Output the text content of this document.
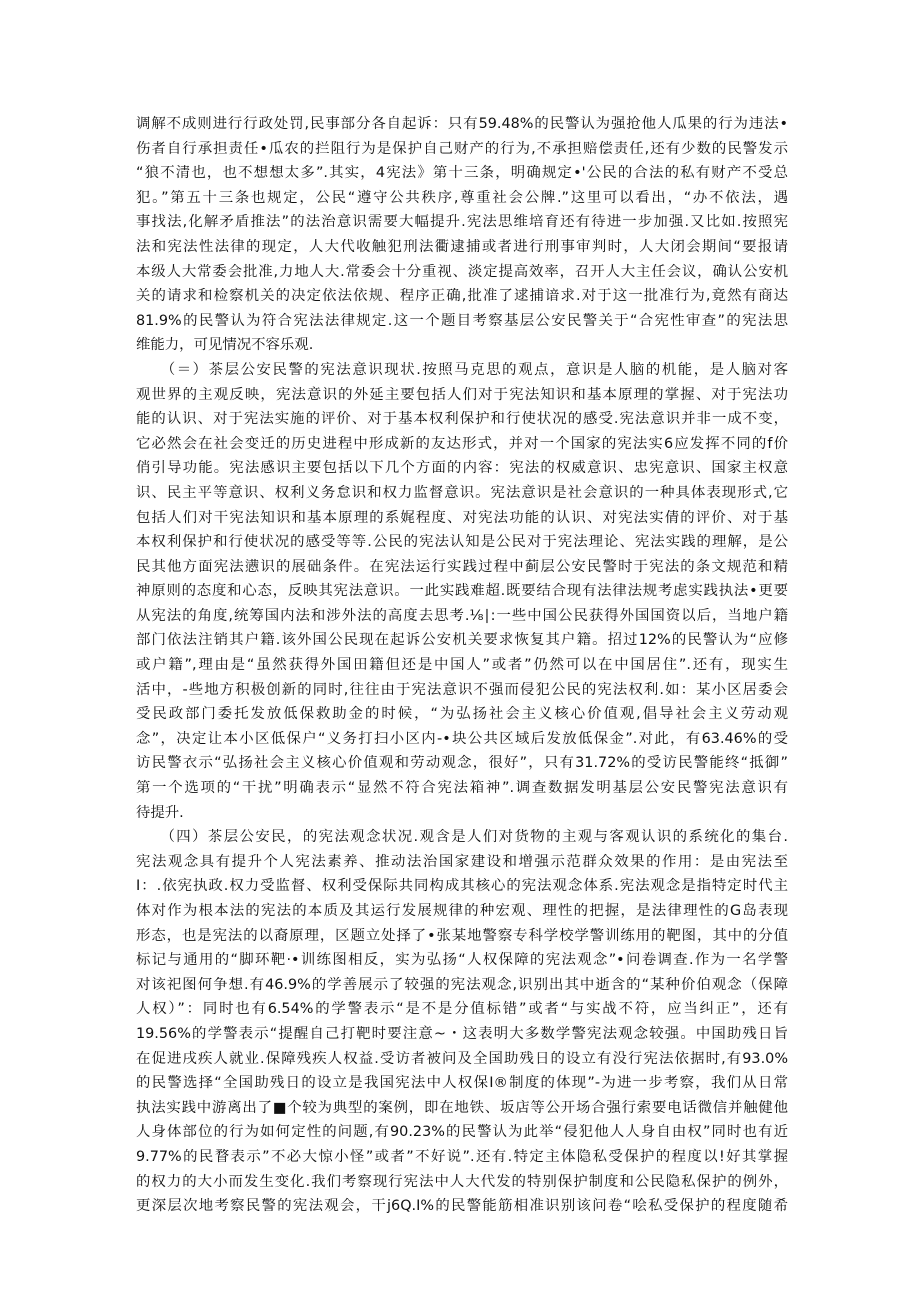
调解不成则进行行政处罚,民事部分各自起诉：只有59.48%的民警认为强抢他人瓜果的行为违法•
伤者自行承担责任•瓜农的拦阻行为是保护自己财产的行为,不承担赔偿责任,还有少数的民警发示
“狼不清也，也不想想太多”.其实，4宪法》第十三条，明确规定•'公民的合法的私有财产不受总
犯。”第五十三条也规定，公民“遵守公共秩序,尊重社会公牌.”这里可以看出，“办不依法，遇
事找法,化解矛盾推法”的法治意识需要大幅提升.宪法思维培育还有待进一步加强.又比如.按照宪
法和宪法性法律的现定，人大代收触犯刑法衢逮捕或者进行刑事审判时，人大闭会期间“要报请
本级人大常委会批准,力地人大.常委会十分重视、淡定提高效率，召开人大主任会议，确认公安机
关的请求和检察机关的决定依法依规、程序正确,批准了逑捕谙求.对于这一批准行为,竟然有商达
81.9%的民警认为符合宪法法律规定.这一个题目考察基层公安民警关于“合宪性审查”的宪法思
维能力，可见情况不容乐观.
　　（＝）茶层公安民警的宪法意识现状.按照马克思的观点，意识是人脑的机能，是人脑对客
观世界的主观反映，宪法意识的外延主要包括人们对于宪法知识和基本原理的掌握、对于宪法功
能的认识、对于宪法实施的评价、对于基本权利保护和行使状况的感受.宪法意识并非一成不变，
它必然会在社会变迁的历史进程中形成新的友达形式，并对一个国家的宪法实6应发挥不同的f价
俏引导功能。宪法感识主要包括以下几个方面的内容：宪法的权威意识、忠宪意识、国家主权意
识、民主平等意识、权利义务怠识和权力监督意识。宪法意识是社会意识的一种具体表现形式,它
包括人们对干宪法知识和基本原理的系娓程度、对宪法功能的认识、对宪法实倩的评价、对于基
本权利保护和行使状况的感受等等.公民的宪法认知是公民对于宪法理论、宪法实践的理解，是公
民其他方面宪法懑识的展础条件。在宪法运行实践过程中蓟层公安民警时于宪法的条文规范和精
神原则的态度和心态，反映其宪法意识。一此实践难超.既要结合现有法律法规考虑实践执法•更要
从宪法的角度,统筹国内法和涉外法的高度去思考.⅛∣:一些中国公民获得外国国资以后，当地户籍
部门依法注销其户籍.该外国公民现在起诉公安机关要求恢复其户籍。招过12%的民警认为“应修
或户籍”,理由是“虽然获得外国田籍但还是中国人”或者”仍然可以在中国居住”.还有，现实生
活中，-些地方积极创新的同时,往往由于宪法意识不强而侵犯公民的宪法权利.如：某小区居委会
受民政部门委托发放低保救助金的时候，“为弘扬社会主义核心价值观,倡导社会主义劳动观
念”，决定让本小区低保户“义务打扫小区内-•块公共区域后发放低保金”.对此，有63.46%的受
访民警衣示“弘扬社会主义核心价值观和劳动观念，很好”，只有31.72%的受访民警能终“抵御”
第一个选项的“干扰”明确表示“显然不符合宪法箱神”.调查数据发明基层公安民警宪法意识有
待提升.
　　（四）茶层公安民，的宪法观念状况.观含是人们对货物的主观与客观认识的系统化的集台.
宪法观念具有提升个人宪法素养、推动法治国家建设和增强示范群众效果的作用：是由宪法至
I：.依宪执政.权力受监督、权利受保际共同构成其核心的宪法观念体系.宪法观念是指特定时代主
体对作为根本法的宪法的本质及其运行发展规律的种宏观、理性的把握，是法律理性的G岛表现
形态，也是宪法的以裔原理，区题立处择了•张某地警察专科学校学警训练用的靶图，其中的分值
标记与通用的“脚环靶·•训练图相反，实为弘扬“人权保障的宪法观念”•问卷调查.作为一名学警
对该祀图何争想.有46.9%的学善展示了较强的宪法观念,识别出其中逝含的“某种价伯观念（保障
人权）”：同时也有6.54%的学警表示“是不是分值标错”或者“与实战不符，应当纠正”，还有
19.56%的学警表示“提醒自己打靶时要注意~・这表明大多数学警宪法观念较强。中国助残日旨
在促进戌疾人就业.保障残疾人权益.受访者被问及全国助残日的设立有没行宪法依据时,有93.0%
的民警选择“全国助残日的设立是我国宪法中人权保I®制度的体现”-为进一步考察，我们从日常
执法实践中游离出了■个较为典型的案例，即在地铁、坂店等公开场合强行索要电话微信并触健他
人身体部位的行为如何定性的问题,有90.23%的民警认为此举“侵犯他人人身自由权”同时也有近
9.77%的民瞀表示”不必大惊小怪”或者”不好说”.还有.特定主体隐私受保护的程度以!好其掌握
的权力的大小而发生变化.我们考察现行宪法中人大代发的特别保护制度和公民隐私保护的例外，
更深层次地考察民警的宪法观会，干j6Q.I%的民警能筋相准识别该问卷“哙私受保护的程度随希
